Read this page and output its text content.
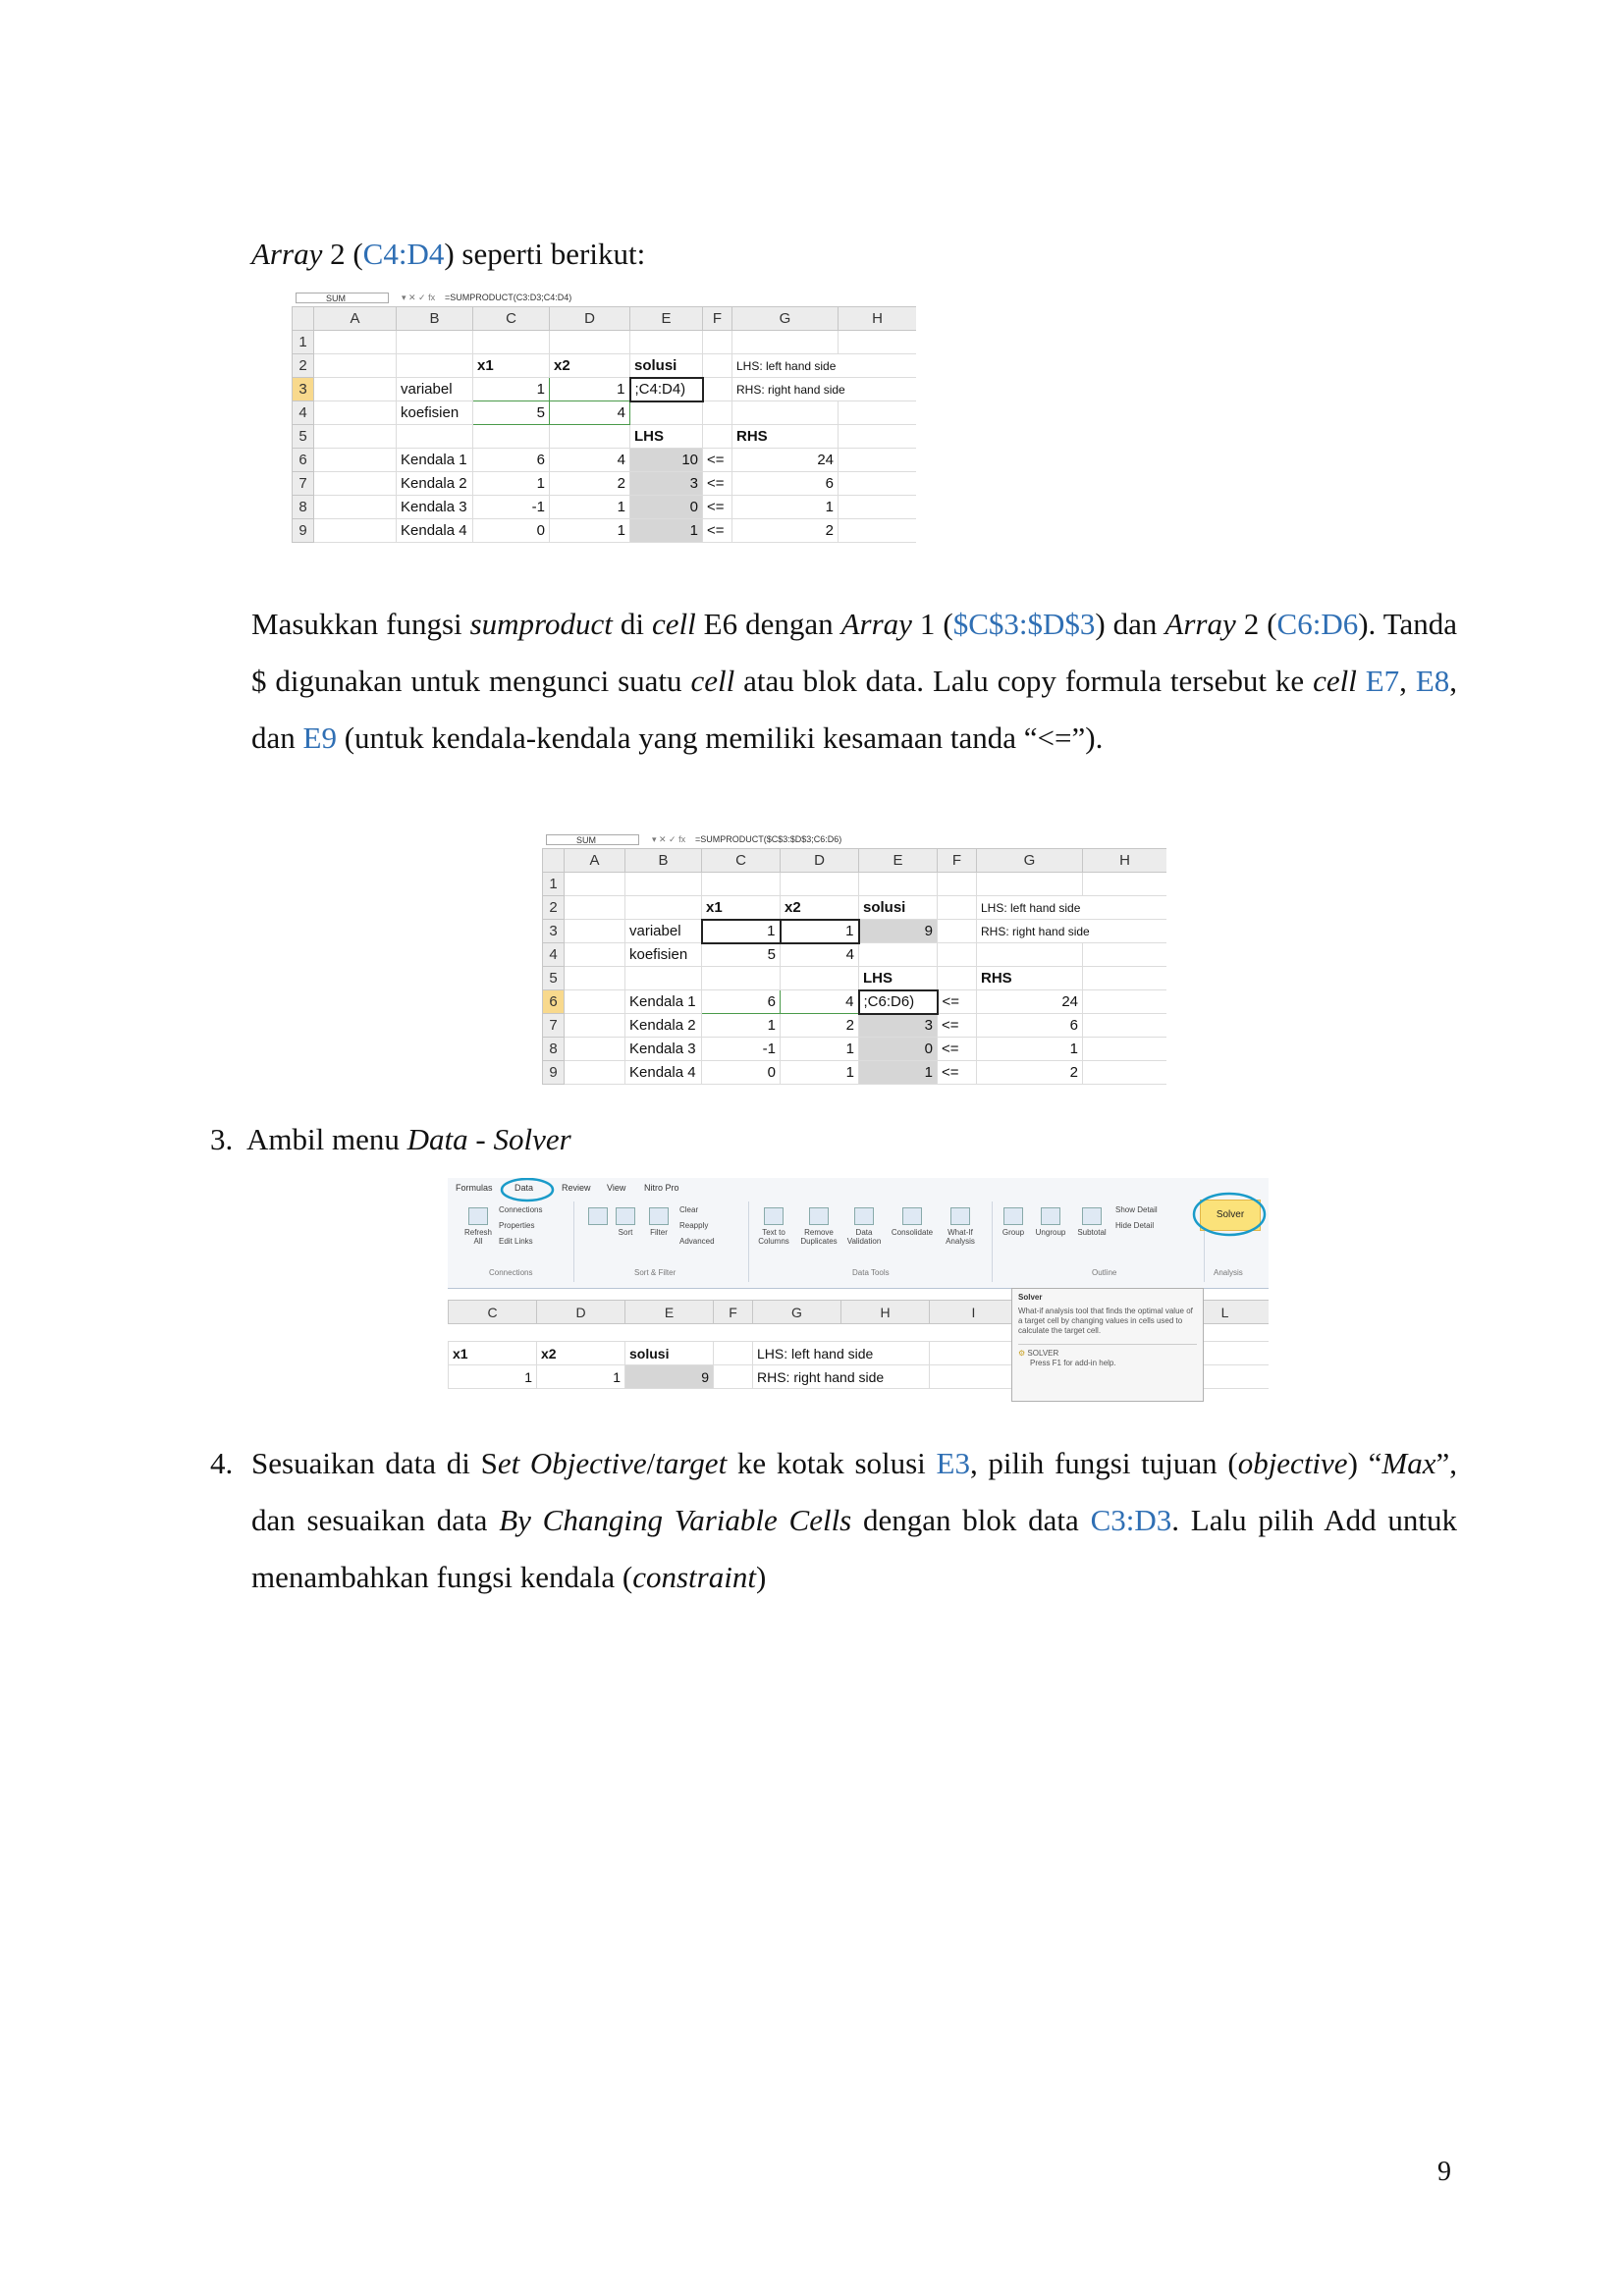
Array 2 (C4:D4) seperti berikut:
SUM	▾ ✕ ✓ fx =SUMPRODUCT(C3:D3;C4:D4)
	A	B	C	D	E	F	G	H
1								
2			x1	x2	solusi		LHS: left hand side	
3		variabel	1	1	;C4:D4)		RHS: right hand side	
4		koefisien	5	4				
5					LHS		RHS	
6		Kendala 1	6	4	10	<=	24	
7		Kendala 2	1	2	3	<=	6	
8		Kendala 3	-1	1	0	<=	1	
9		Kendala 4	0	1	1	<=	2	
Masukkan fungsi sumproduct di cell E6 dengan Array 1 ($C$3:$D$3) dan Array 2 (C6:D6). Tanda $ digunakan untuk mengunci suatu cell atau blok data. Lalu copy formula tersebut ke cell E7, E8, dan E9 (untuk kendala-kendala yang memiliki kesamaan tanda “<=”).
SUM	▾ ✕ ✓ fx =SUMPRODUCT($C$3:$D$3;C6:D6)
	A	B	C	D	E	F	G	H
1								
2			x1	x2	solusi		LHS: left hand side	
3		variabel	1	1	9		RHS: right hand side	
4		koefisien	5	4				
5					LHS		RHS	
6		Kendala 1	6	4	;C6:D6)	<=	24	
7		Kendala 2	1	2	3	<=	6	
8		Kendala 3	-1	1	0	<=	1	
9		Kendala 4	0	1	1	<=	2	
3. Ambil menu Data - Solver
Formulas Data	Review View Nitro Pro
Refresh All
Connections
Properties
Edit Links
Connections
Sort	Filter
Clear
Reapply
Advanced
Sort & Filter
Text to Columns
Remove Duplicates
Data Validation
Consolidate	What-If Analysis
Data Tools
Group	Ungroup	Subtotal
Show Detail
Hide Detail
Outline
Solver
Analysis
C	D	E	F	G	H	I		L

x1	x2	solusi		LHS: left hand side				
1	1	9		RHS: right hand side				
Solver
What-if analysis tool that finds the optimal value of a target cell by changing values in cells used to calculate the target cell.
⚙ SOLVER
Press F1 for add-in help.
4. Sesuaikan data di Set Objective/target ke kotak solusi E3, pilih fungsi tujuan (objective) “Max”, dan sesuaikan data By Changing Variable Cells dengan blok data C3:D3. Lalu pilih Add untuk menambahkan fungsi kendala (constraint)
9
